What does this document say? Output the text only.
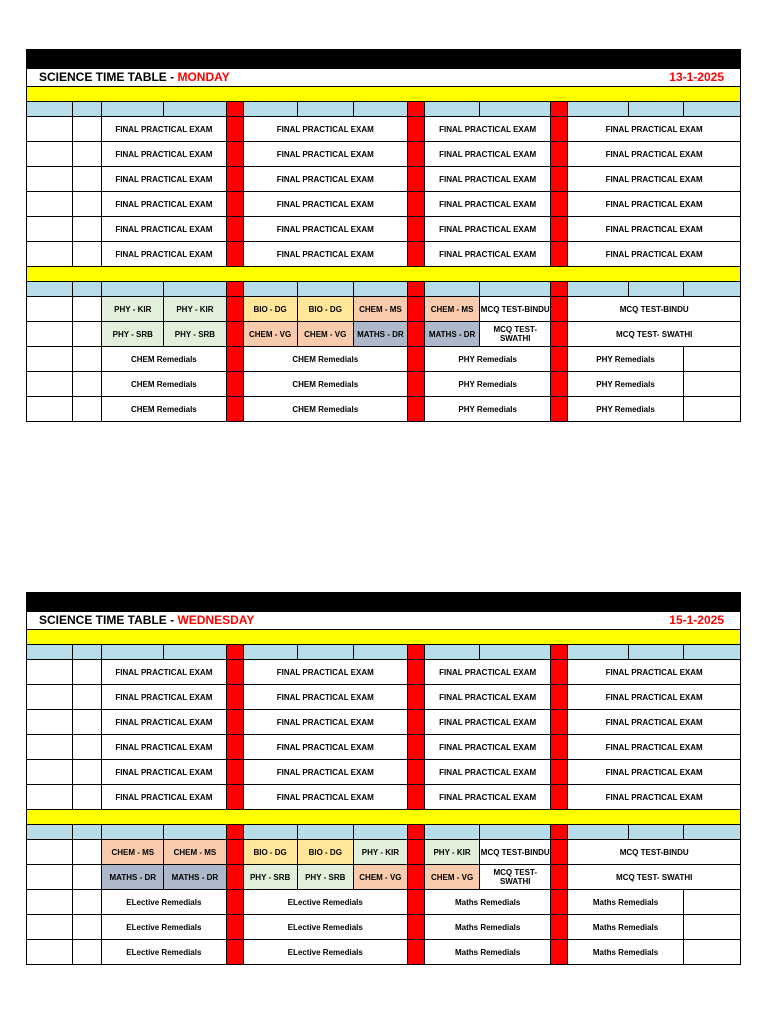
SCIENCE TIME TABLE - MONDAY											13-1-2025			

		FINAL PRACTICAL EXAM			FINAL PRACTICAL EXAM				FINAL PRACTICAL EXAM			FINAL PRACTICAL EXAM		
		FINAL PRACTICAL EXAM			FINAL PRACTICAL EXAM				FINAL PRACTICAL EXAM			FINAL PRACTICAL EXAM		
		FINAL PRACTICAL EXAM			FINAL PRACTICAL EXAM				FINAL PRACTICAL EXAM			FINAL PRACTICAL EXAM		
		FINAL PRACTICAL EXAM			FINAL PRACTICAL EXAM				FINAL PRACTICAL EXAM			FINAL PRACTICAL EXAM		
		FINAL PRACTICAL EXAM			FINAL PRACTICAL EXAM				FINAL PRACTICAL EXAM			FINAL PRACTICAL EXAM		
		FINAL PRACTICAL EXAM			FINAL PRACTICAL EXAM				FINAL PRACTICAL EXAM			FINAL PRACTICAL EXAM		

		PHY - KIR	PHY - KIR		BIO - DG	BIO - DG	CHEM - MS		CHEM - MS	MCQ TEST-BINDU		MCQ TEST-BINDU		
		PHY - SRB	PHY - SRB		CHEM - VG	CHEM - VG	MATHS - DR		MATHS - DR	MCQ TEST- SWATHI		MCQ TEST- SWATHI		
		CHEM Remedials			CHEM Remedials				PHY Remedials			PHY Remedials		
		CHEM Remedials			CHEM Remedials				PHY Remedials			PHY Remedials		
		CHEM Remedials			CHEM Remedials				PHY Remedials			PHY Remedials		

SCIENCE TIME TABLE - WEDNESDAY											15-1-2025			

		FINAL PRACTICAL EXAM			FINAL PRACTICAL EXAM				FINAL PRACTICAL EXAM			FINAL PRACTICAL EXAM		
		FINAL PRACTICAL EXAM			FINAL PRACTICAL EXAM				FINAL PRACTICAL EXAM			FINAL PRACTICAL EXAM		
		FINAL PRACTICAL EXAM			FINAL PRACTICAL EXAM				FINAL PRACTICAL EXAM			FINAL PRACTICAL EXAM		
		FINAL PRACTICAL EXAM			FINAL PRACTICAL EXAM				FINAL PRACTICAL EXAM			FINAL PRACTICAL EXAM		
		FINAL PRACTICAL EXAM			FINAL PRACTICAL EXAM				FINAL PRACTICAL EXAM			FINAL PRACTICAL EXAM		
		FINAL PRACTICAL EXAM			FINAL PRACTICAL EXAM				FINAL PRACTICAL EXAM			FINAL PRACTICAL EXAM		

		CHEM - MS	CHEM - MS		BIO - DG	BIO - DG	PHY - KIR		PHY - KIR	MCQ TEST-BINDU		MCQ TEST-BINDU		
		MATHS - DR	MATHS - DR		PHY - SRB	PHY - SRB	CHEM - VG		CHEM - VG	MCQ TEST- SWATHI		MCQ TEST- SWATHI		
		ELective Remedials			ELective Remedials				Maths Remedials			Maths Remedials		
		ELective Remedials			ELective Remedials				Maths Remedials			Maths Remedials		
		ELective Remedials			ELective Remedials				Maths Remedials			Maths Remedials		
